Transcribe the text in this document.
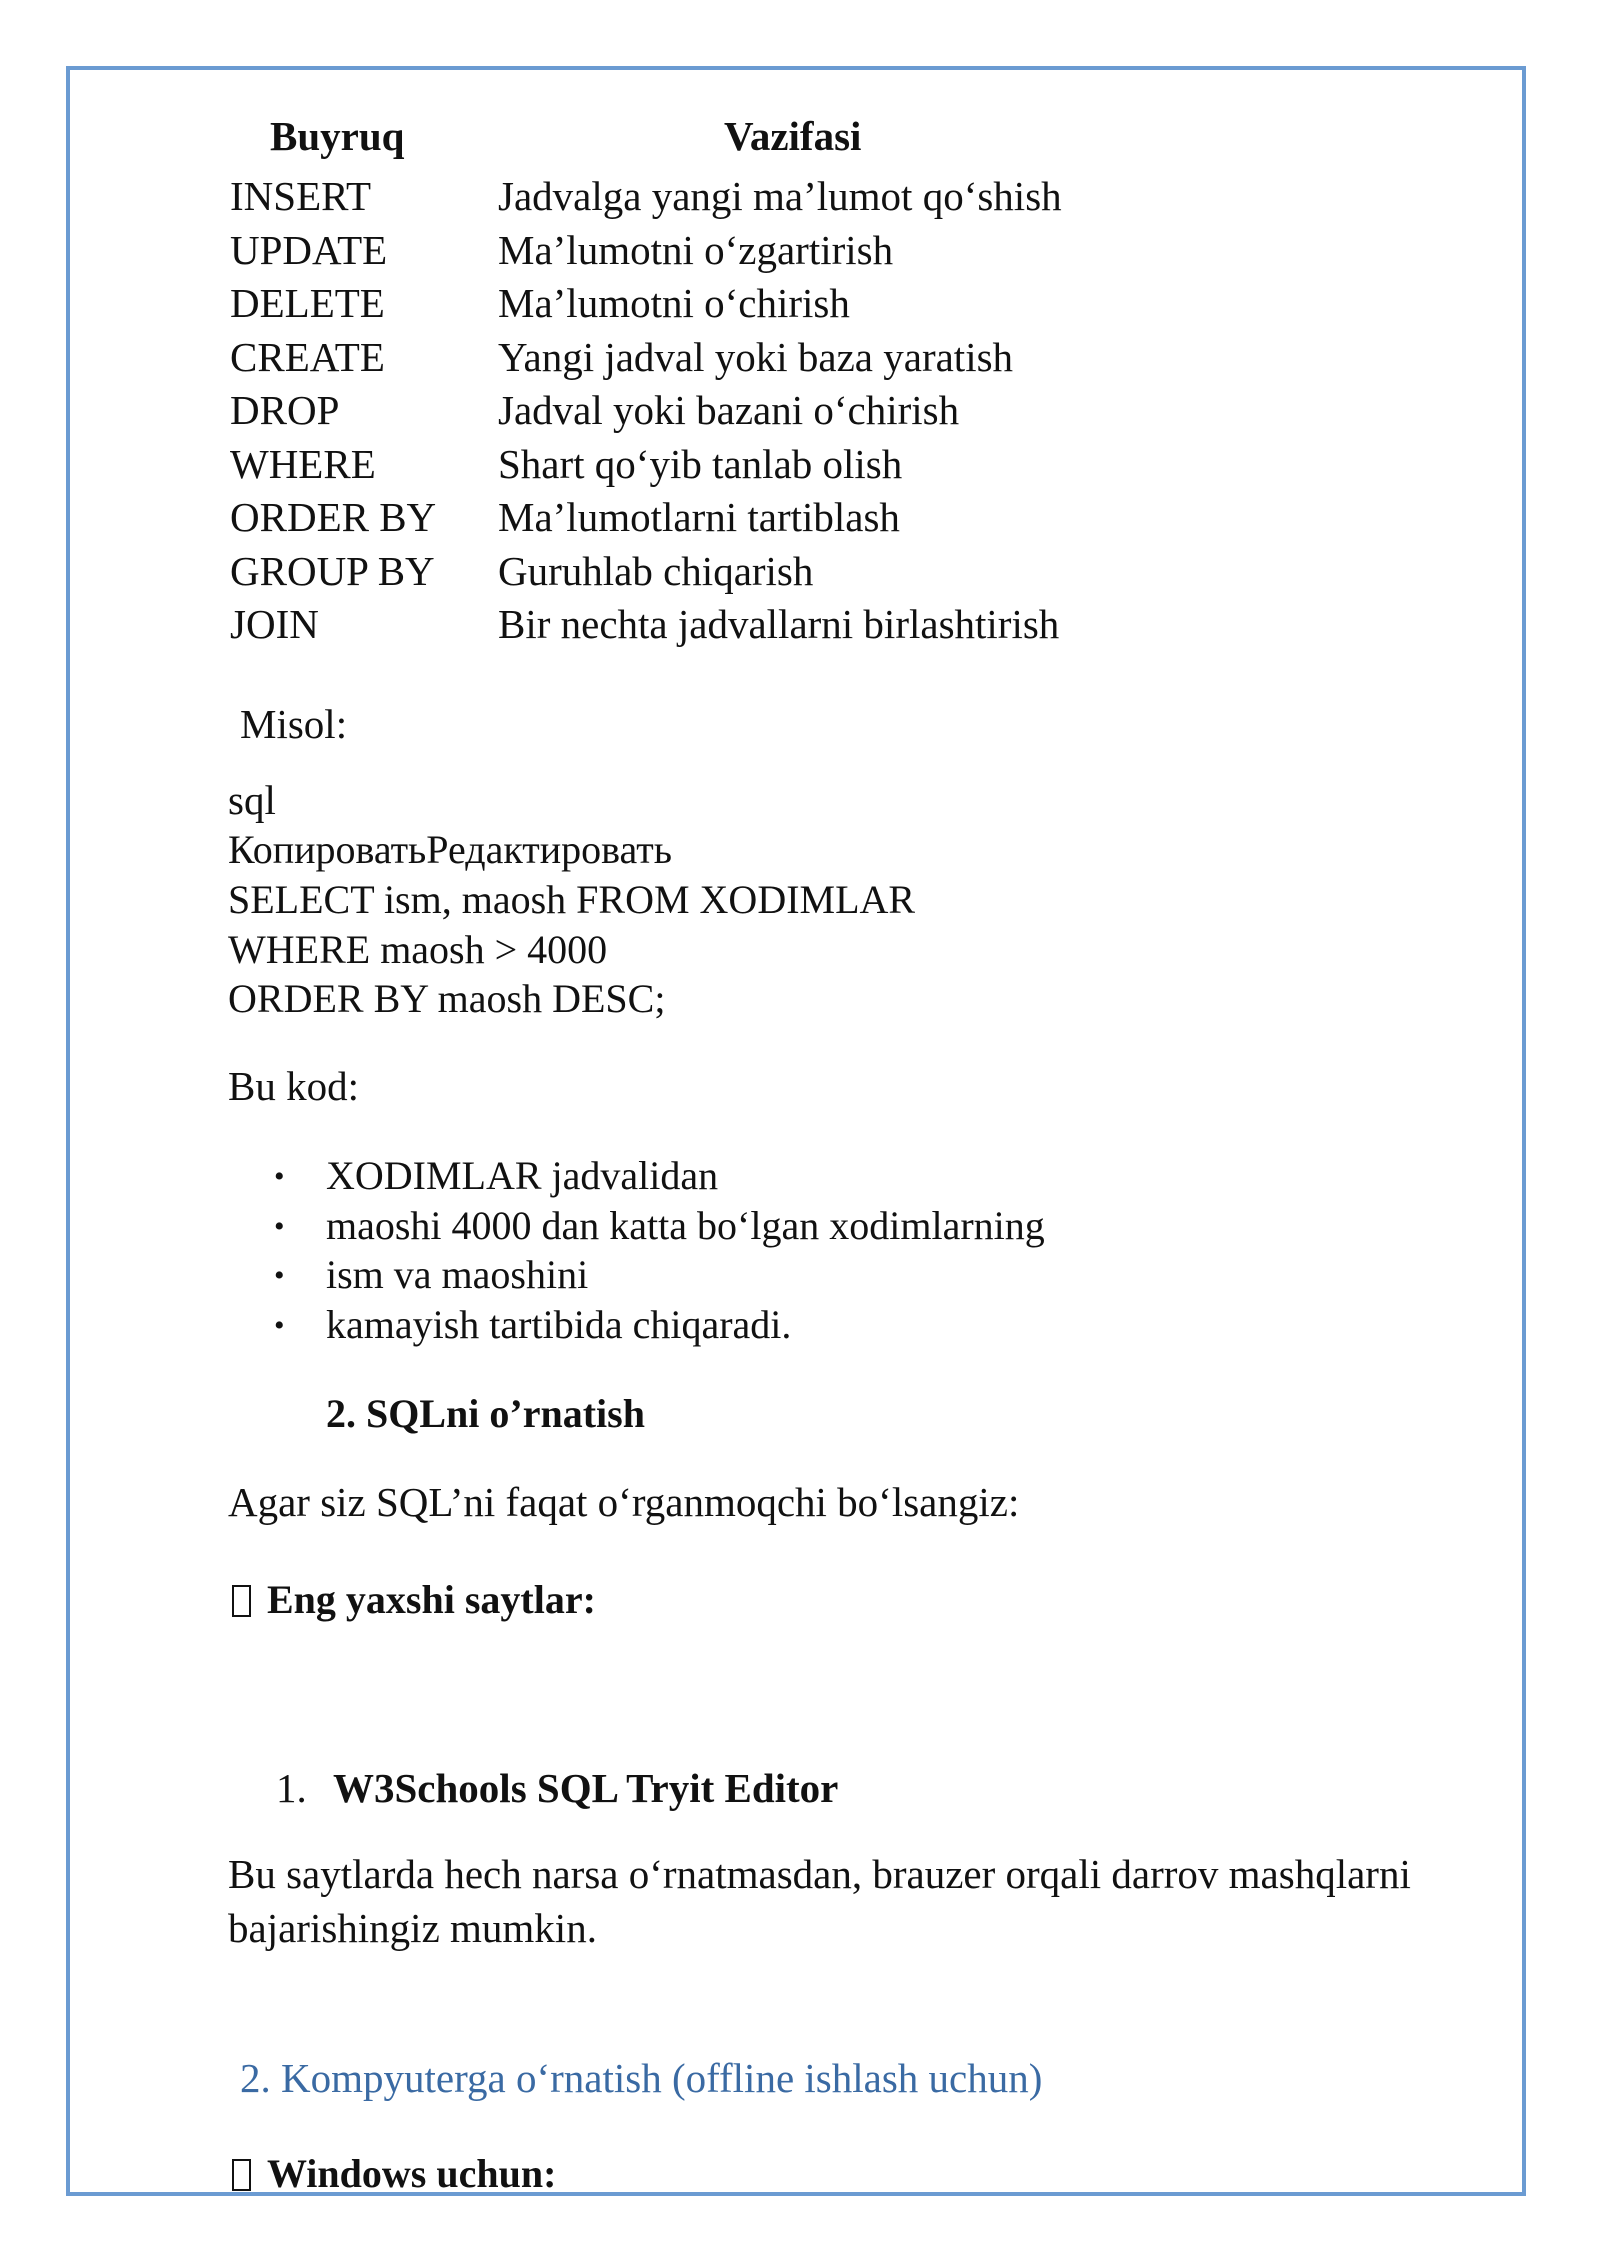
Buyruq	Vazifasi
INSERT	Jadvalga yangi ma’lumot qo‘shish
UPDATE	Ma’lumotni o‘zgartirish
DELETE	Ma’lumotni o‘chirish
CREATE	Yangi jadval yoki baza yaratish
DROP	Jadval yoki bazani o‘chirish
WHERE	Shart qo‘yib tanlab olish
ORDER BY	Ma’lumotlarni tartiblash
GROUP BY	Guruhlab chiqarish
JOIN	Bir nechta jadvallarni birlashtirish
Misol:
sql
КопироватьРедактировать
SELECT ism, maosh FROM XODIMLAR
WHERE maosh > 4000
ORDER BY maosh DESC;
Bu kod:
• XODIMLAR jadvalidan
• maoshi 4000 dan katta bo‘lgan xodimlarning
• ism va maoshini
• kamayish tartibida chiqaradi.
2. SQLni o’rnatish
Agar siz SQL’ni faqat o‘rganmoqchi bo‘lsangiz:
Eng yaxshi saytlar:
1. W3Schools SQL Tryit Editor
Bu saytlarda hech narsa o‘rnatmasdan, brauzer orqali darrov mashqlarni
bajarishingiz mumkin.
2. Kompyuterga o‘rnatish (offline ishlash uchun)
Windows uchun:
